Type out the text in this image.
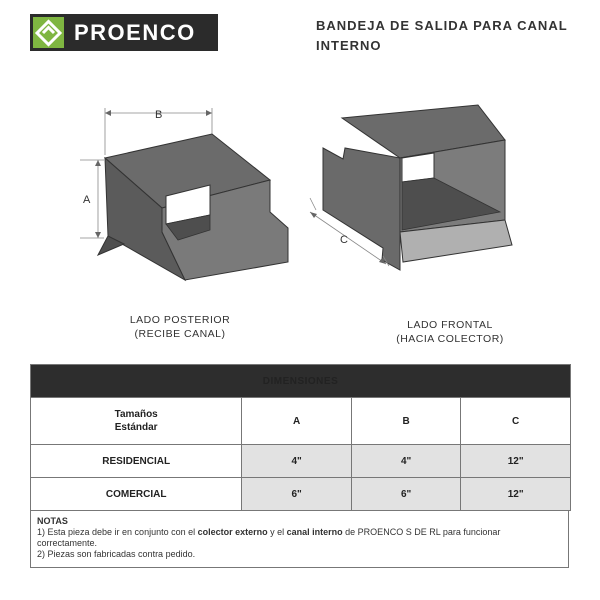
PROENCO	BANDEJA DE SALIDA PARA CANAL
INTERNO
B
A
C
LADO POSTERIOR
(RECIBE CANAL)
LADO FRONTAL
(HACIA COLECTOR)
DIMENSIONES			

Tamaños
Estándar	A	B	C
RESIDENCIAL	4"	4"	12"
COMERCIAL	6"	6"	12"
NOTAS
1) Esta pieza debe ir en conjunto con el colector externo y el canal interno de PROENCO S DE RL para funcionar correctamente.
2) Piezas son fabricadas contra pedido.
